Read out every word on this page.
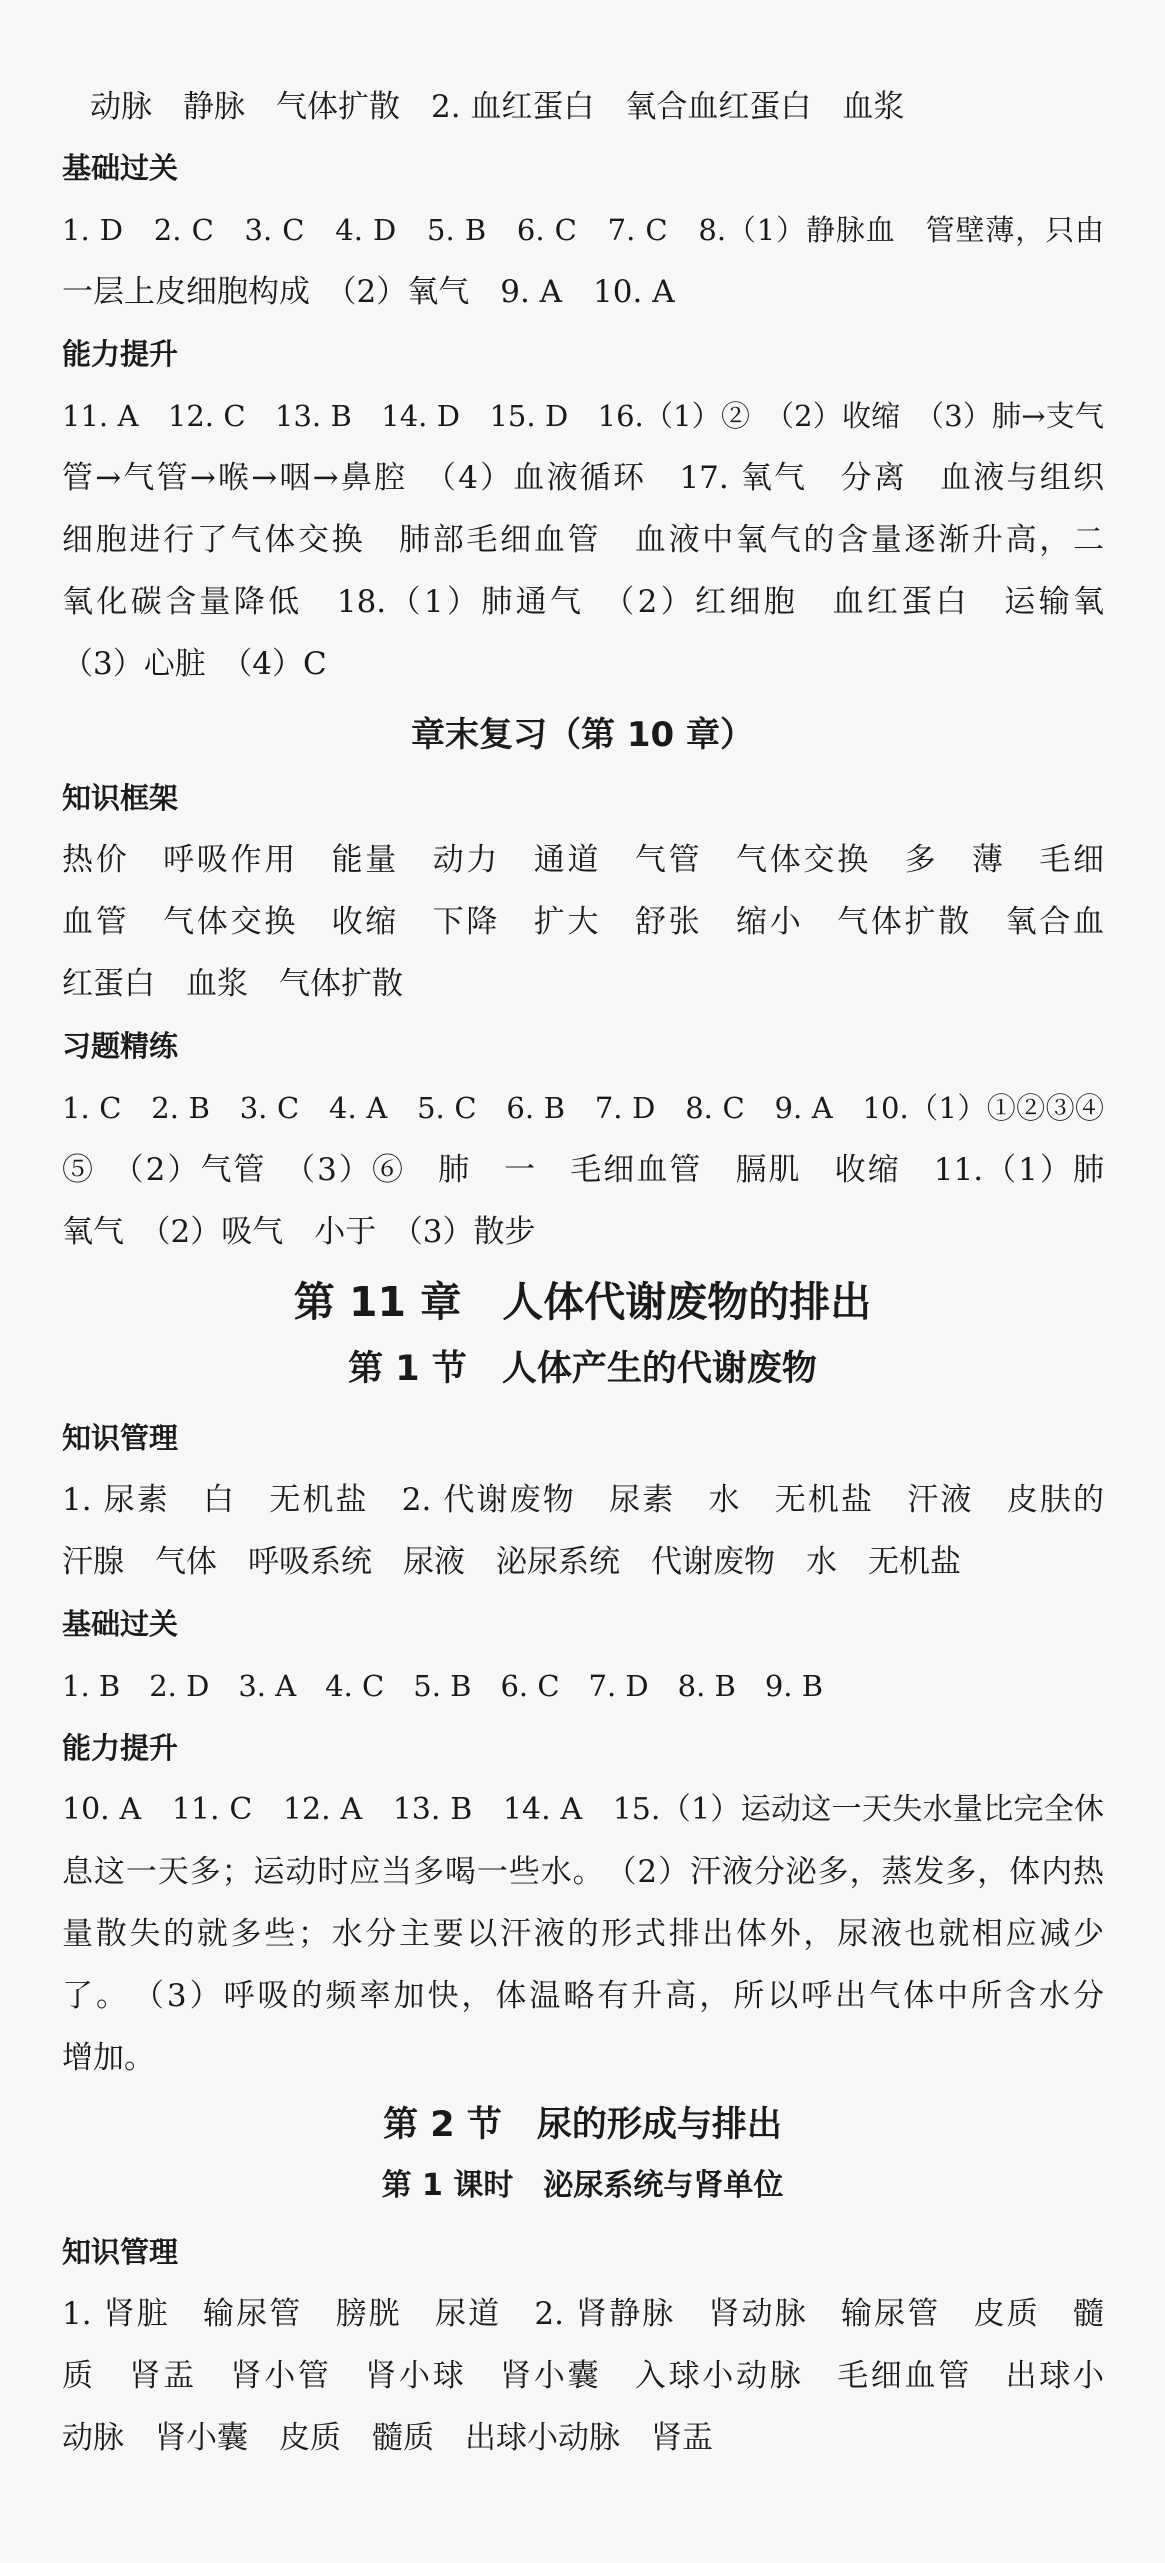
动脉　静脉　气体扩散　2. 血红蛋白　氧合血红蛋白　血浆
基础过关
1. D　2. C　3. C　4. D　5. B　6. C　7. C　8.（1）静脉血　管壁薄，只由
一层上皮细胞构成　（2）氧气　9. A　10. A
能力提升
11. A　12. C　13. B　14. D　15. D　16.（1）②　（2）收缩　（3）肺→支气
管→气管→喉→咽→鼻腔　（4）血液循环　17. 氧气　分离　血液与组织
细胞进行了气体交换　肺部毛细血管　血液中氧气的含量逐渐升高，二
氧化碳含量降低　18.（1）肺通气　（2）红细胞　血红蛋白　运输氧
（3）心脏　（4）C
章末复习（第 10 章）
知识框架
热价　呼吸作用　能量　动力　通道　气管　气体交换　多　薄　毛细
血管　气体交换　收缩　下降　扩大　舒张　缩小　气体扩散　氧合血
红蛋白　血浆　气体扩散
习题精练
1. C　2. B　3. C　4. A　5. C　6. B　7. D　8. C　9. A　10.（1）①②③④
⑤　（2）气管　（3）⑥　肺　一　毛细血管　膈肌　收缩　11.（1）肺
氧气　（2）吸气　小于　（3）散步
第 11 章　人体代谢废物的排出
第 1 节　人体产生的代谢废物
知识管理
1. 尿素　白　无机盐　2. 代谢废物　尿素　水　无机盐　汗液　皮肤的
汗腺　气体　呼吸系统　尿液　泌尿系统　代谢废物　水　无机盐
基础过关
1. B　2. D　3. A　4. C　5. B　6. C　7. D　8. B　9. B
能力提升
10. A　11. C　12. A　13. B　14. A　15.（1）运动这一天失水量比完全休
息这一天多；运动时应当多喝一些水。　（2）汗液分泌多，蒸发多，体内热
量散失的就多些；水分主要以汗液的形式排出体外，尿液也就相应减少
了。　（3）呼吸的频率加快，体温略有升高，所以呼出气体中所含水分
增加。
第 2 节　尿的形成与排出
第 1 课时　泌尿系统与肾单位
知识管理
1. 肾脏　输尿管　膀胱　尿道　2. 肾静脉　肾动脉　输尿管　皮质　髓
质　肾盂　肾小管　肾小球　肾小囊　入球小动脉　毛细血管　出球小
动脉　肾小囊　皮质　髓质　出球小动脉　肾盂
